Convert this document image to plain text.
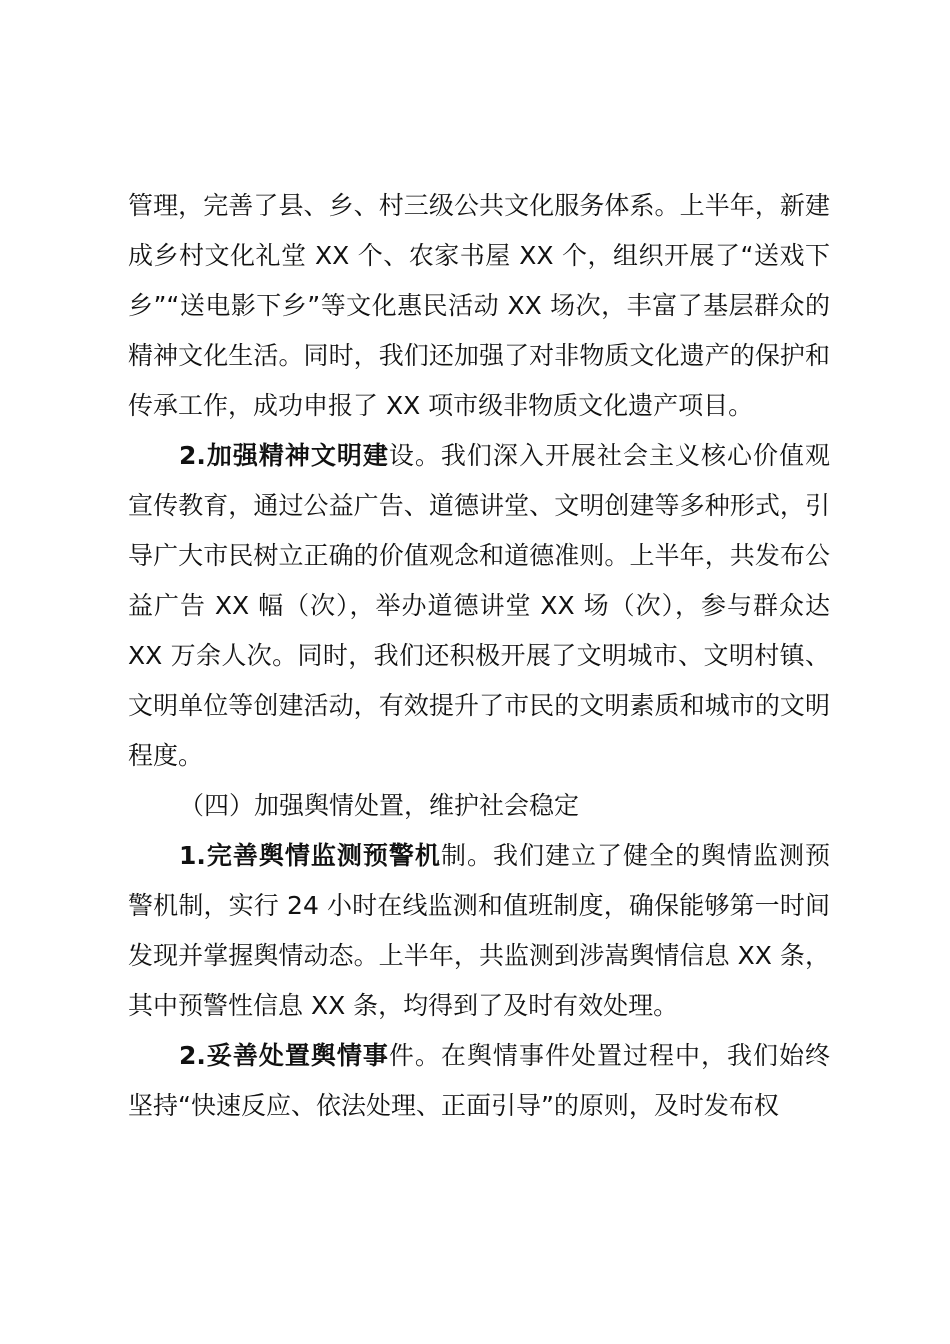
管理，完善了县、乡、村三级公共文化服务体系。上半年，新建成乡村文化礼堂 XX 个、农家书屋 XX 个，组织开展了“送戏下乡”“送电影下乡”等文化惠民活动 XX 场次，丰富了基层群众的精神文化生活。同时，我们还加强了对非物质文化遗产的保护和传承工作，成功申报了 XX 项市级非物质文化遗产项目。

2.加强精神文明建设。我们深入开展社会主义核心价值观宣传教育，通过公益广告、道德讲堂、文明创建等多种形式，引导广大市民树立正确的价值观念和道德准则。上半年，共发布公益广告 XX 幅（次），举办道德讲堂 XX 场（次），参与群众达 XX 万余人次。同时，我们还积极开展了文明城市、文明村镇、文明单位等创建活动，有效提升了市民的文明素质和城市的文明程度。

（四）加强舆情处置，维护社会稳定

1.完善舆情监测预警机制。我们建立了健全的舆情监测预警机制，实行 24 小时在线监测和值班制度，确保能够第一时间发现并掌握舆情动态。上半年，共监测到涉嵩舆情信息 XX 条，其中预警性信息 XX 条，均得到了及时有效处理。

2.妥善处置舆情事件。在舆情事件处置过程中，我们始终坚持“快速反应、依法处理、正面引导”的原则，及时发布权
